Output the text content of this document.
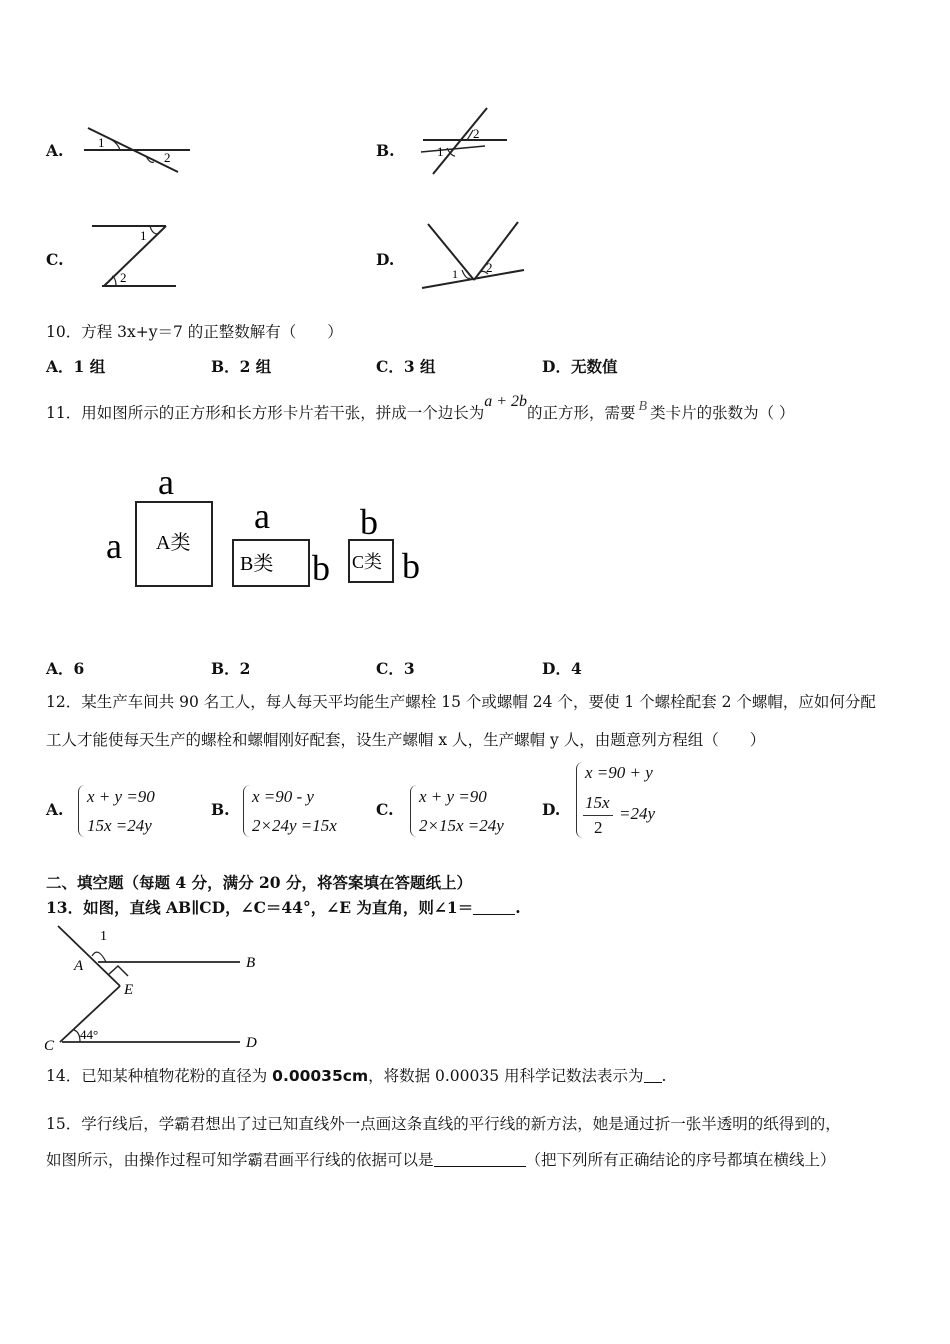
A.	1
2	B.
2
1
C.
1
2
D.
1 2
10．方程 3x+y＝7 的正整数解有（　　）
A．1 组	B．2 组	C．3 组	D．无数值
11．用如图所示的正方形和长方形卡片若干张，拼成一个边长为a + 2b的正方形，需要 B 类卡片的张数为（ ）
a
a A类
a
b
B类
b
b
C类
A．6	B．2	C．3	D．4
12．某生产车间共 90 名工人，每人每天平均能生产螺栓 15 个或螺帽 24 个，要使 1 个螺栓配套 2 个螺帽，应如何分配
工人才能使每天生产的螺栓和螺帽刚好配套，设生产螺帽 x 人，生产螺帽 y 人，由题意列方程组（　　）
A.
x + y =90
15x =24y
B.
x =90 - y
2×24y =15x
C.
x + y =90
2×15x =24y
D.
x =90 + y
15x
2
=24y
二、填空题（每题 4 分，满分 20 分，将答案填在答题纸上）
13．如图，直线 AB∥CD，∠C＝44°，∠E 为直角，则∠1＝	.
1
A	B
E
C	D
44°
14．已知某种植物花粉的直径为 0.00035cm，将数据 0.00035 用科学记数法表示为 .
15．学行线后，学霸君想出了过已知直线外一点画这条直线的平行线的新方法，她是通过折一张半透明的纸得到的，
如图所示，由操作过程可知学霸君画平行线的依据可以是	（把下列所有正确结论的序号都填在横线上）
